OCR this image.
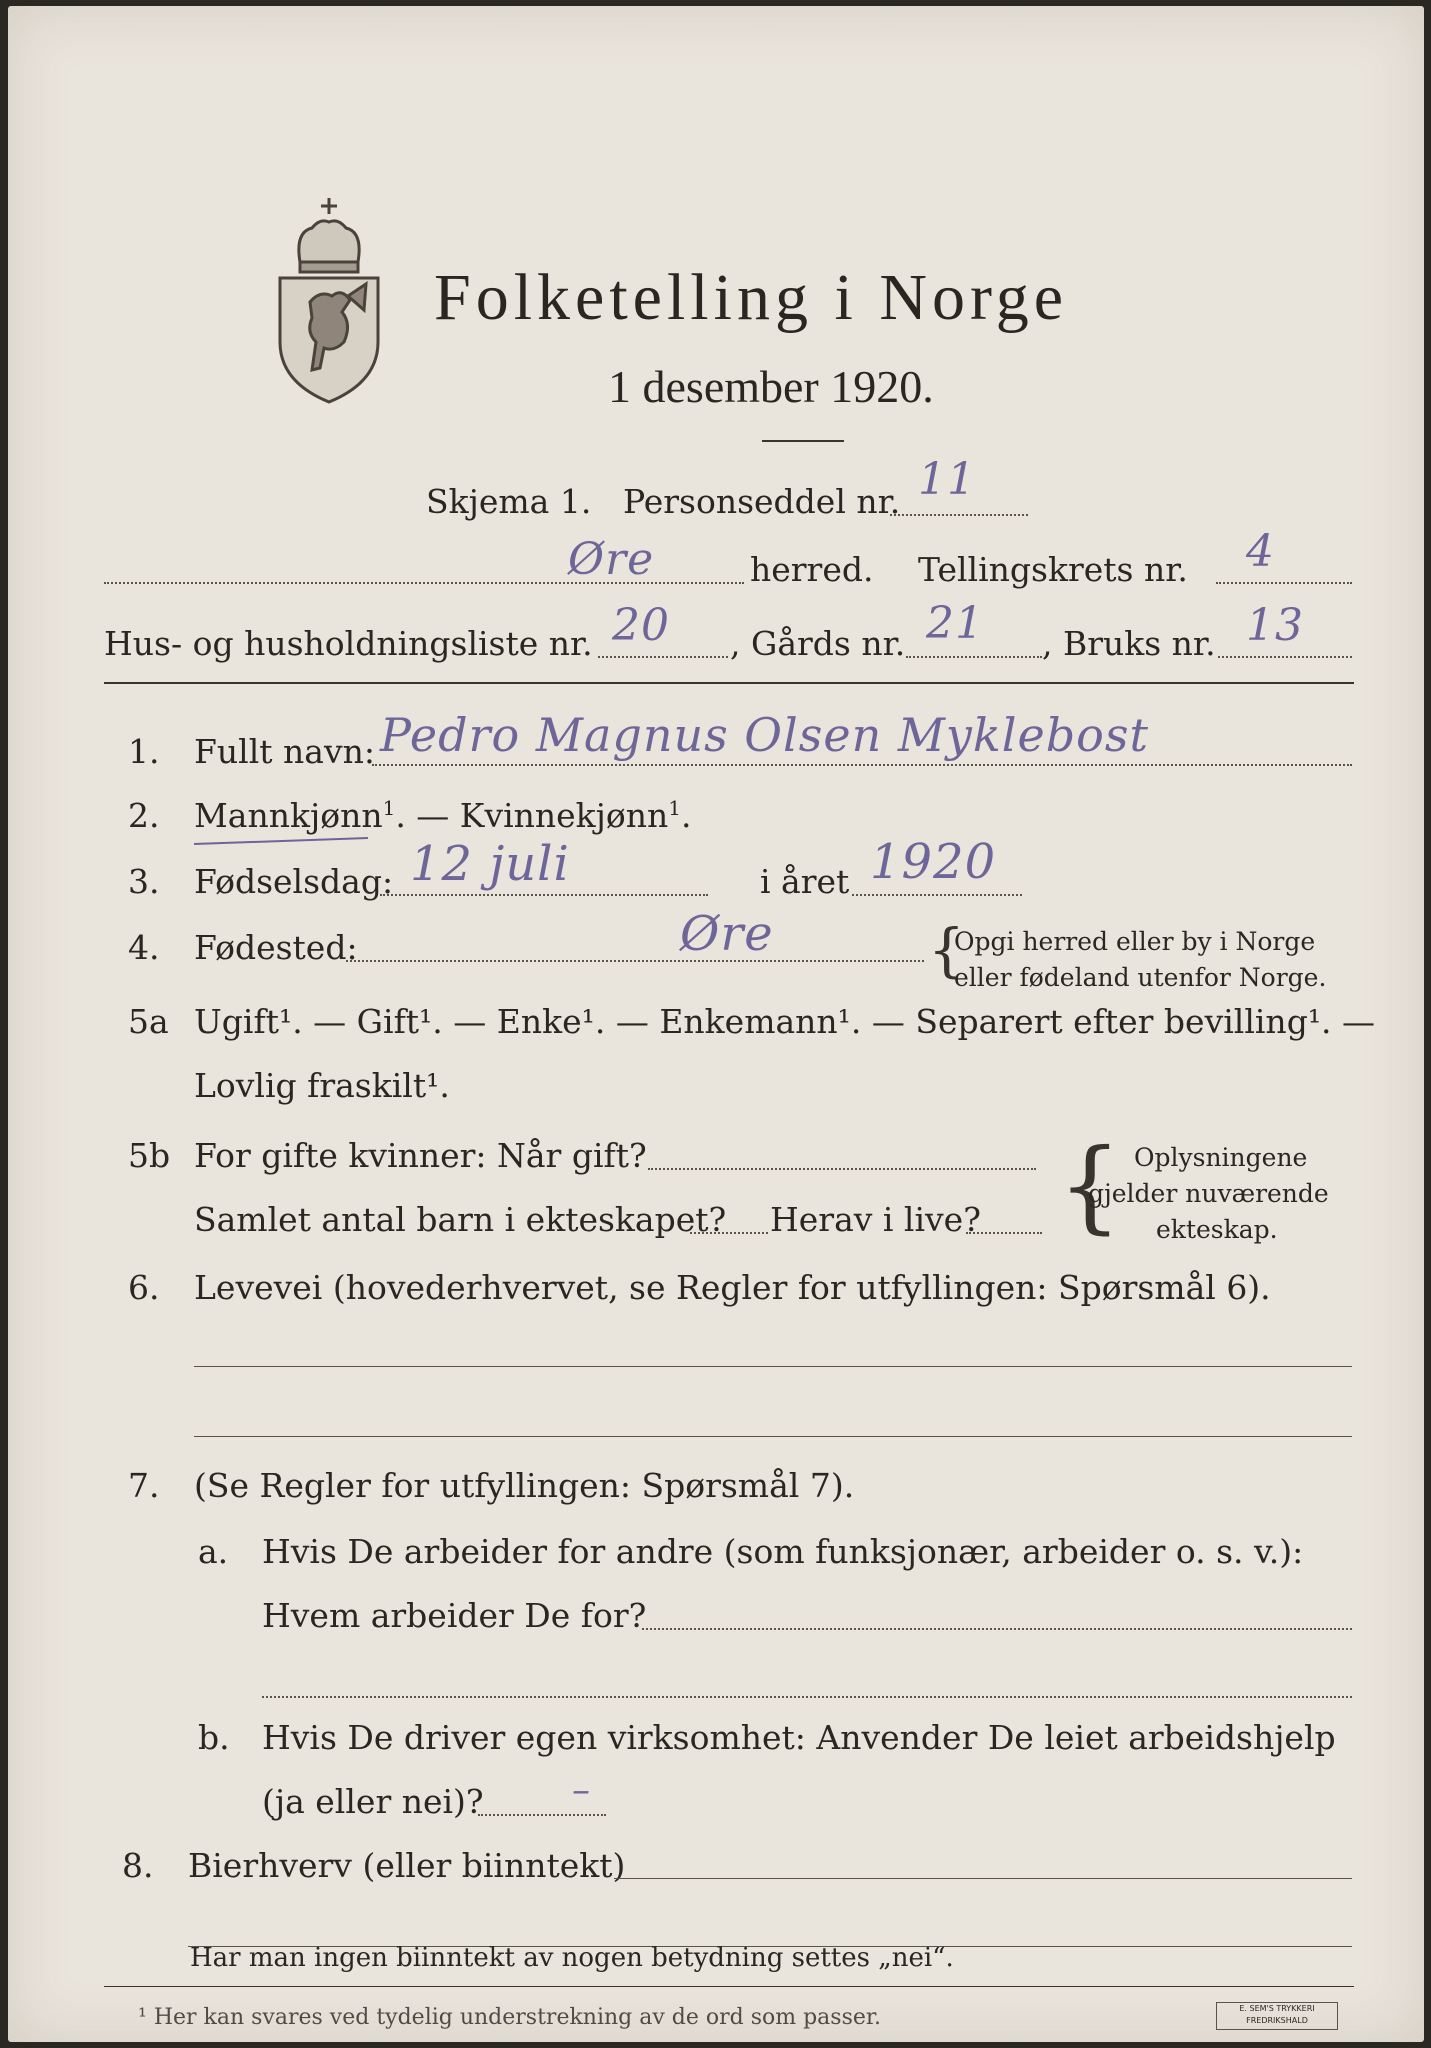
Folketelling i Norge
1 desember 1920.
Skjema 1. Personseddel nr. 11
Øre	herred. Tellingskrets nr. 4
Hus- og husholdningsliste nr. 20 , Gårds nr. 21 , Bruks nr. 13
1. Fullt navn: Pedro Magnus Olsen Myklebost
2. Mannkjønn$^1$. — Kvinnekjønn$^1$.
3. Fødselsdag: 12 juli	i året 1920
4. Fødested:	Øre	{
Opgi herred eller by i Norge
eller fødeland utenfor Norge.
5a Ugift¹. — Gift¹. — Enke¹. — Enkemann¹. — Separert efter bevilling¹. —
Lovlig fraskilt¹.
5b For gifte kvinner: Når gift?
Samlet antal barn i ekteskapet? Herav i live? { Oplysningene
gjelder nuværende
ekteskap.
6. Levevei (hovederhvervet, se Regler for utfyllingen: Spørsmål 6).
7. (Se Regler for utfyllingen: Spørsmål 7).
a. Hvis De arbeider for andre (som funksjonær, arbeider o. s. v.):
Hvem arbeider De for?
b. Hvis De driver egen virksomhet: Anvender De leiet arbeidshjelp
(ja eller nei)? –
8. Bierhverv (eller biinntekt)
Har man ingen biinntekt av nogen betydning settes „nei“.
¹ Her kan svares ved tydelig understrekning av de ord som passer.	E. SEM'S TRYKKERI FREDRIKSHALD
